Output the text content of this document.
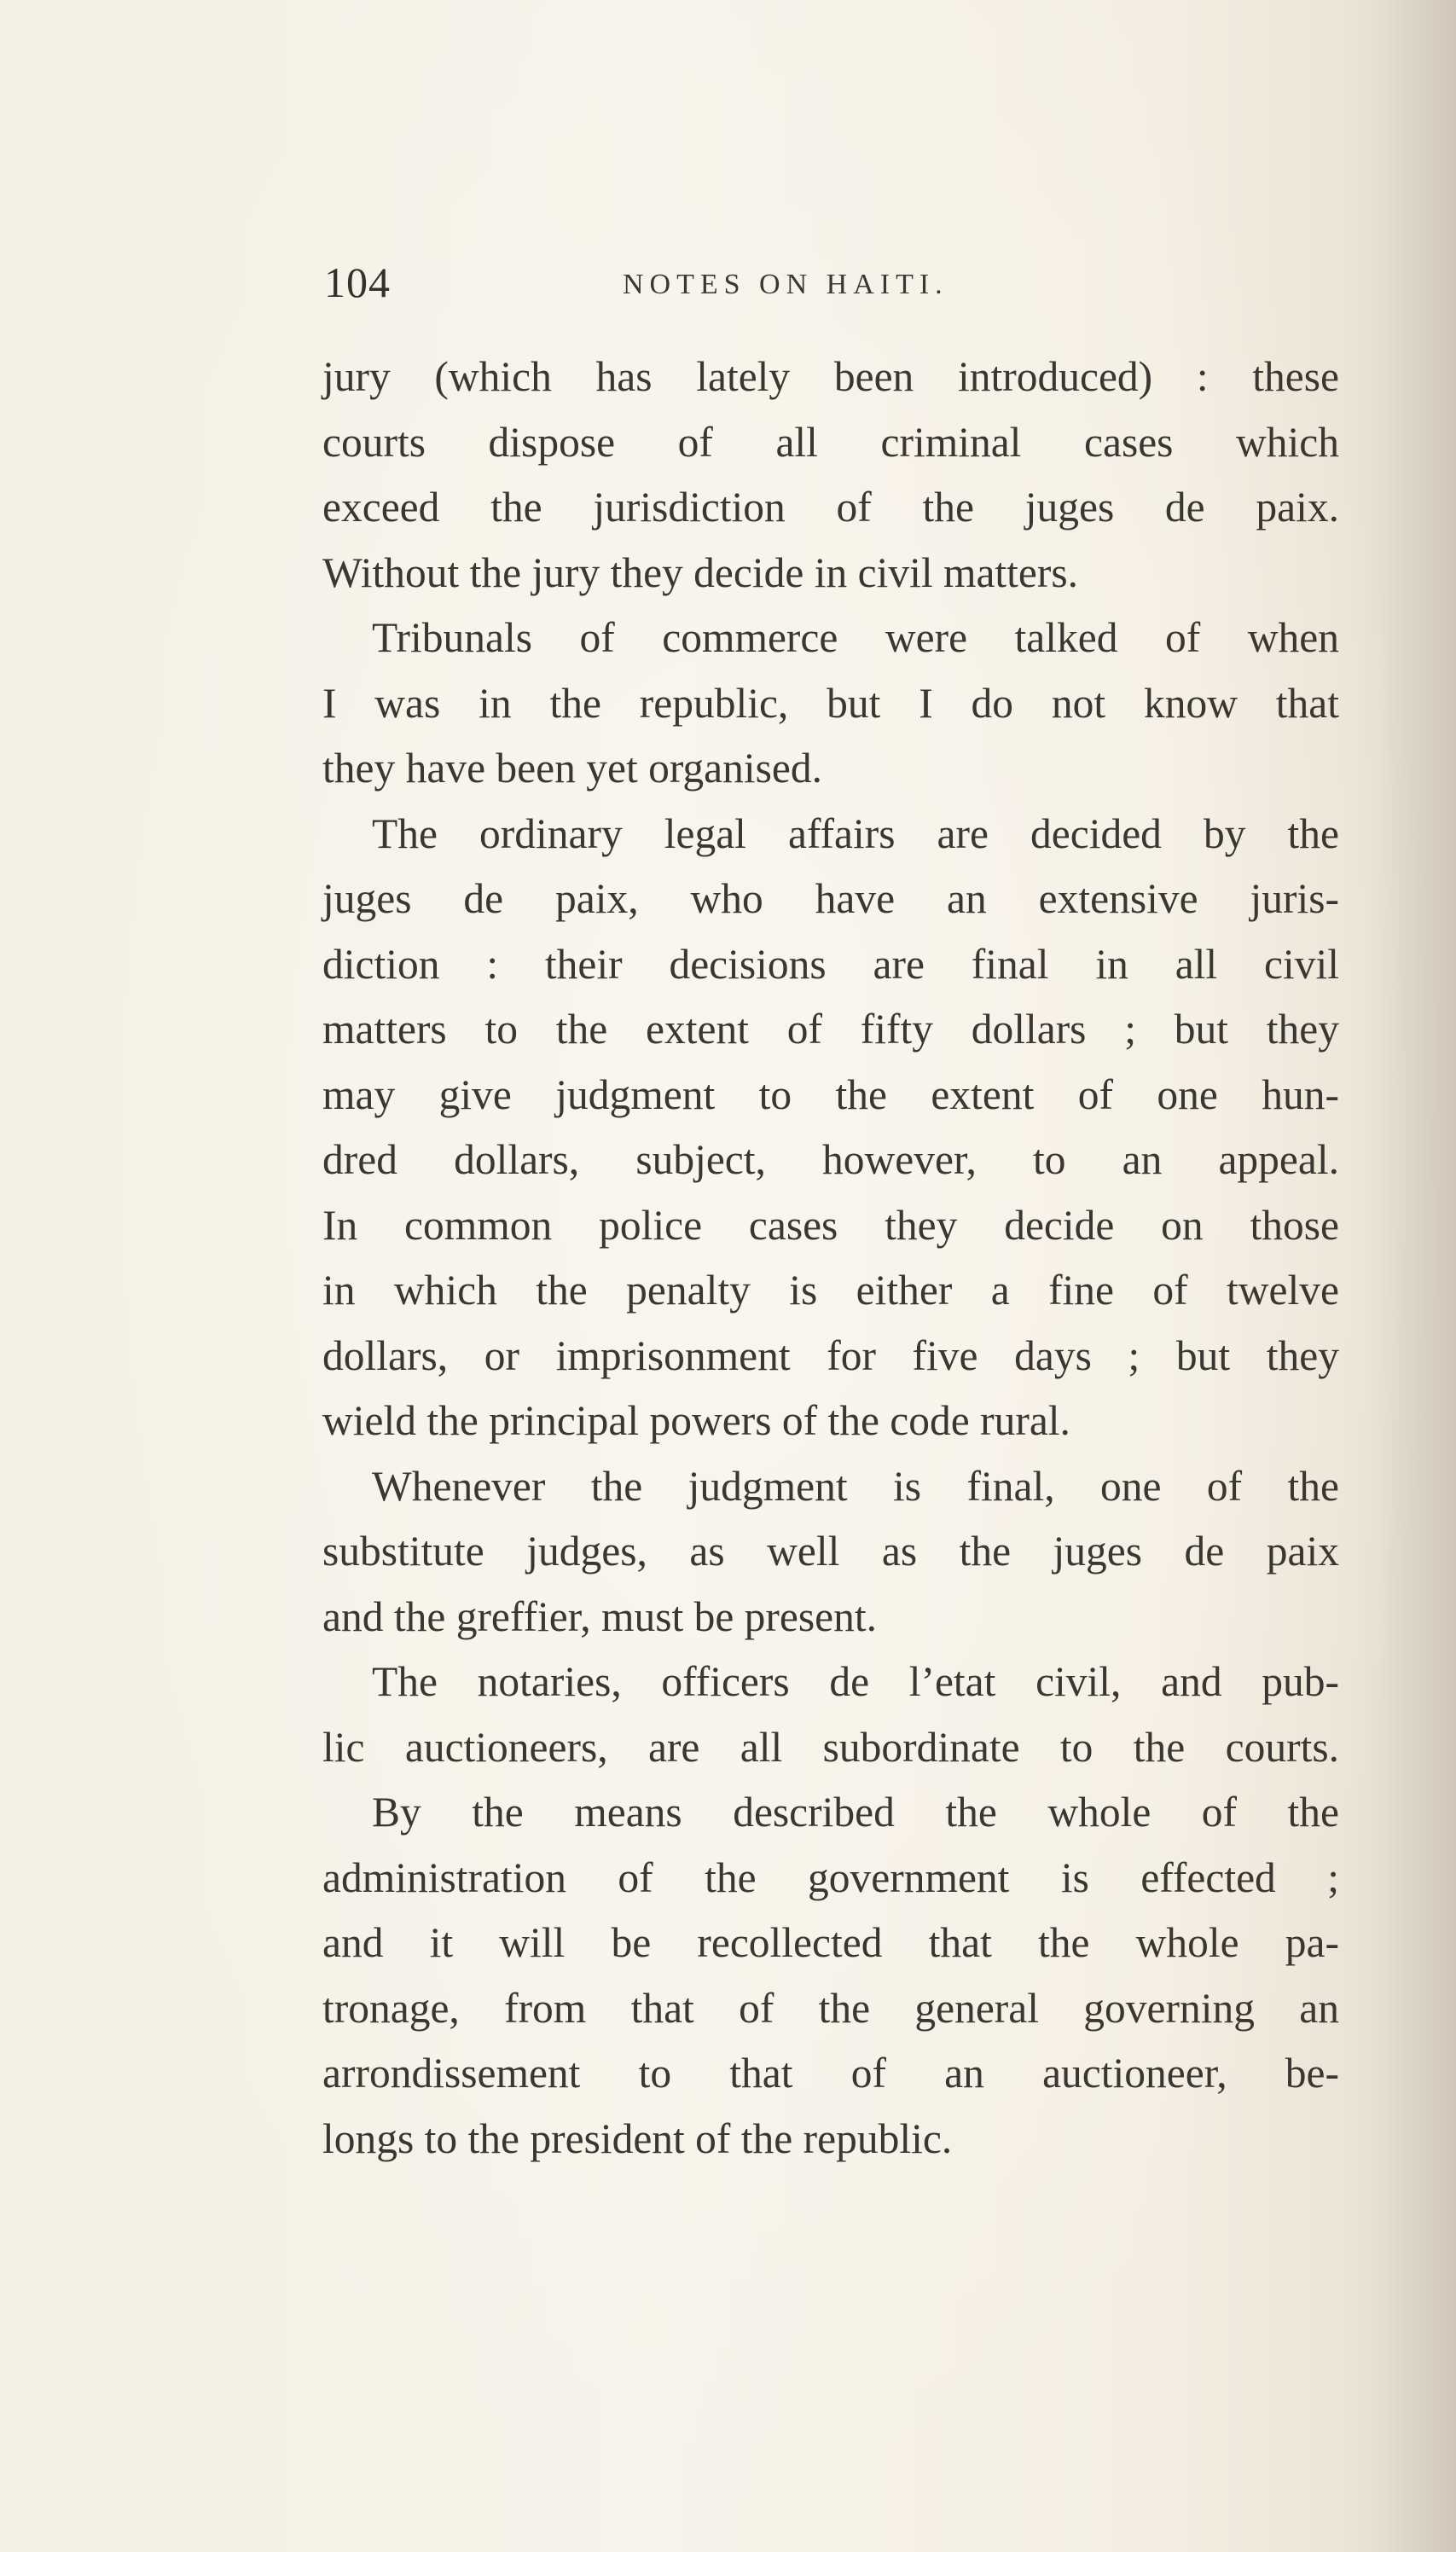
104	NOTES ON HAITI.

jury (which has lately been introduced) : these
courts dispose of all criminal cases which
exceed the jurisdiction of the juges de paix.
Without the jury they decide in civil matters.

Tribunals of commerce were talked of when
I was in the republic, but I do not know that
they have been yet organised.

The ordinary legal affairs are decided by the
juges de paix, who have an extensive juris-
diction : their decisions are final in all civil
matters to the extent of fifty dollars ; but they
may give judgment to the extent of one hun-
dred dollars, subject, however, to an appeal.
In common police cases they decide on those
in which the penalty is either a fine of twelve
dollars, or imprisonment for five days ; but they
wield the principal powers of the code rural.

Whenever the judgment is final, one of the
substitute judges, as well as the juges de paix
and the greffier, must be present.

The notaries, officers de l’etat civil, and pub-
lic auctioneers, are all subordinate to the courts.

By the means described the whole of the
administration of the government is effected ;
and it will be recollected that the whole pa-
tronage, from that of the general governing an
arrondissement to that of an auctioneer, be-
longs to the president of the republic.
